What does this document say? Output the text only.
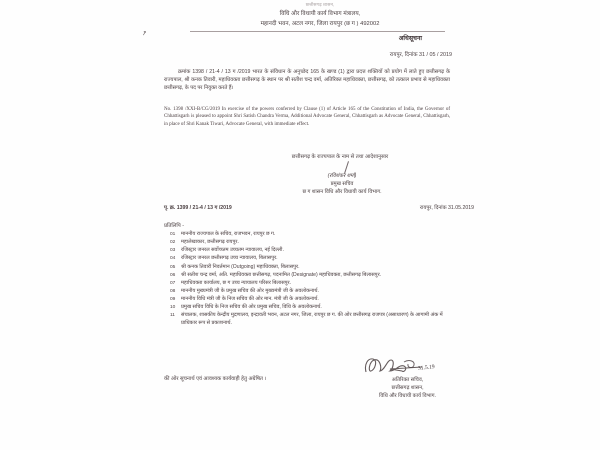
छत्तीसगढ़ शासन,
विधि और विधायी कार्य विभाग मंत्रालय,
महानदी भवन, अटल नगर, जिला रायपुर (छ ग ) 492002
अधिसूचना
रायपुर, दिनांक 31 / 05 / 2019

क्रमांक 1398 / 21-4 / 13 ग /2019 भारत के संविधान के अनुच्छेद 165 के खण्ड (1) द्वारा प्रदत्त शक्तियों को प्रयोग में लाते हुए छत्तीसगढ़ के राज्यपाल, श्री कनक तिवारी, महाधिवक्ता छत्तीसगढ़ के स्थान पर श्री सतीश चन्द्र वर्मा, अतिरिक्त महाधिवक्ता, छत्तीसगढ़, को तत्काल प्रभाव से महाधिवक्ता छत्तीसगढ़, के पद पर नियुक्त करते हैं।

No. 1398 /XXI-B/CG/2019 In exercise of the powers conferred by Clause (1) of Article 165 of the Constitution of India, the Governor of Chhattisgarh is pleased to appoint Shri Satish Chandra Verma, Additional Advocate General, Chhattisgarh as Advocate General, Chhattisgarh, in place of Shri Kanak Tiwari, Advocate General, with immediate effect.

छत्तीसगढ़ के राज्यपाल के नाम से तथा आदेशानुसार
(रविशंकर शर्मा)
प्रमुख सचिव
छ ग शासन विधि और विधायी कार्य विभाग.
पृ. क्र. 1399 / 21-4 / 13 ग /2019	रायपुर, दिनांक 31.05.2019
प्रतिलिपि -
01	माननीय राज्यपाल के सचिव, राजभवन, रायपुर छ ग.
02	महालेखाकार, छत्तीसगढ़ रायपुर.
03	रजिस्ट्रार जनरल सर्वोच्च्तम उच्चतम न्यायालय, नई दिल्ली.
04	रजिस्ट्रार जनरल छत्तीसगढ़ उच्च न्यायालय, बिलासपुर.
05	श्री कनक तिवारी निवर्तमान (Outgoing) महाधिवक्ता, बिलासपुर.
06	श्री सतीश चन्द्र वर्मा, अति. महाधिवक्ता छत्तीसगढ़, पदनामित (Designate) महाधिवक्ता, छत्तीसगढ़ बिलासपुर.
07	महाधिवक्ता कार्यालय, छ ग उच्च न्यायालय परिसर बिलासपुर.
08	माननीय मुख्यमंत्री जी के प्रमुख सचिव की ओर मुख्यमंत्री जी के अवलोकनार्थ.
09	माननीय विधि मंत्री जी के निज सचिव की ओर मान. मंत्री जी के अवलोकनार्थ.
10	प्रमुख सचिव विधि के निज सचिव की ओर प्रमुख सचिव, विधि के अवलोकनार्थ.
11	संचालक, शासकीय केन्द्रीय मुद्रणालय, इन्द्रावती भवन, अटल नगर, जिला, रायपुर छ ग. की ओर छत्तीसगढ़ राजपत्र (असाधारण) के आगामी अंक में प्राधिकार रूप से प्रकाशनार्थ.
↗
की ओर सूचनार्थ एवं आवश्यक कार्यवाही हेतु अग्रेषित ।
31.5.19
अतिरिक्त सचिव,
छत्तीसगढ़ शासन,
विधि और विधायी कार्य विभाग.
